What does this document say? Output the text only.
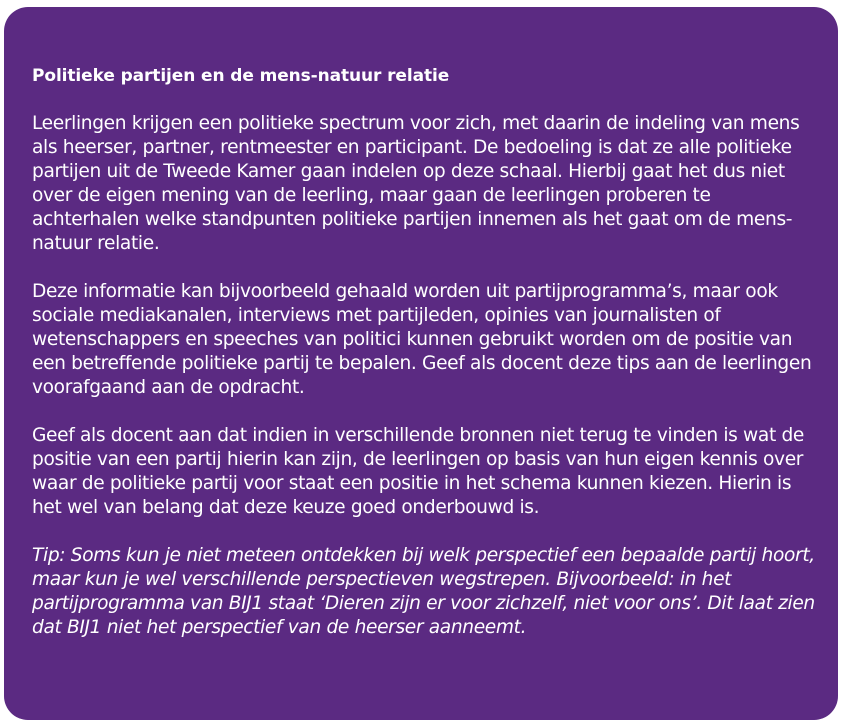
Politieke partijen en de mens-natuur relatie

Leerlingen krijgen een politieke spectrum voor zich, met daarin de indeling van mens als heerser, partner, rentmeester en participant. De bedoeling is dat ze alle politieke partijen uit de Tweede Kamer gaan indelen op deze schaal. Hierbij gaat het dus niet over de eigen mening van de leerling, maar gaan de leerlingen proberen te achterhalen welke standpunten politieke partijen innemen als het gaat om de mens-natuur relatie.

Deze informatie kan bijvoorbeeld gehaald worden uit partijprogramma’s, maar ook sociale mediakanalen, interviews met partijleden, opinies van journalisten of wetenschappers en speeches van politici kunnen gebruikt worden om de positie van een betreffende politieke partij te bepalen. Geef als docent deze tips aan de leerlingen voorafgaand aan de opdracht.

Geef als docent aan dat indien in verschillende bronnen niet terug te vinden is wat de positie van een partij hierin kan zijn, de leerlingen op basis van hun eigen kennis over waar de politieke partij voor staat een positie in het schema kunnen kiezen. Hierin is het wel van belang dat deze keuze goed onderbouwd is.

Tip: Soms kun je niet meteen ontdekken bij welk perspectief een bepaalde partij hoort, maar kun je wel verschillende perspectieven wegstrepen. Bijvoorbeeld: in het partijprogramma van BIJ1 staat ‘Dieren zijn er voor zichzelf, niet voor ons’. Dit laat zien dat BIJ1 niet het perspectief van de heerser aanneemt.
